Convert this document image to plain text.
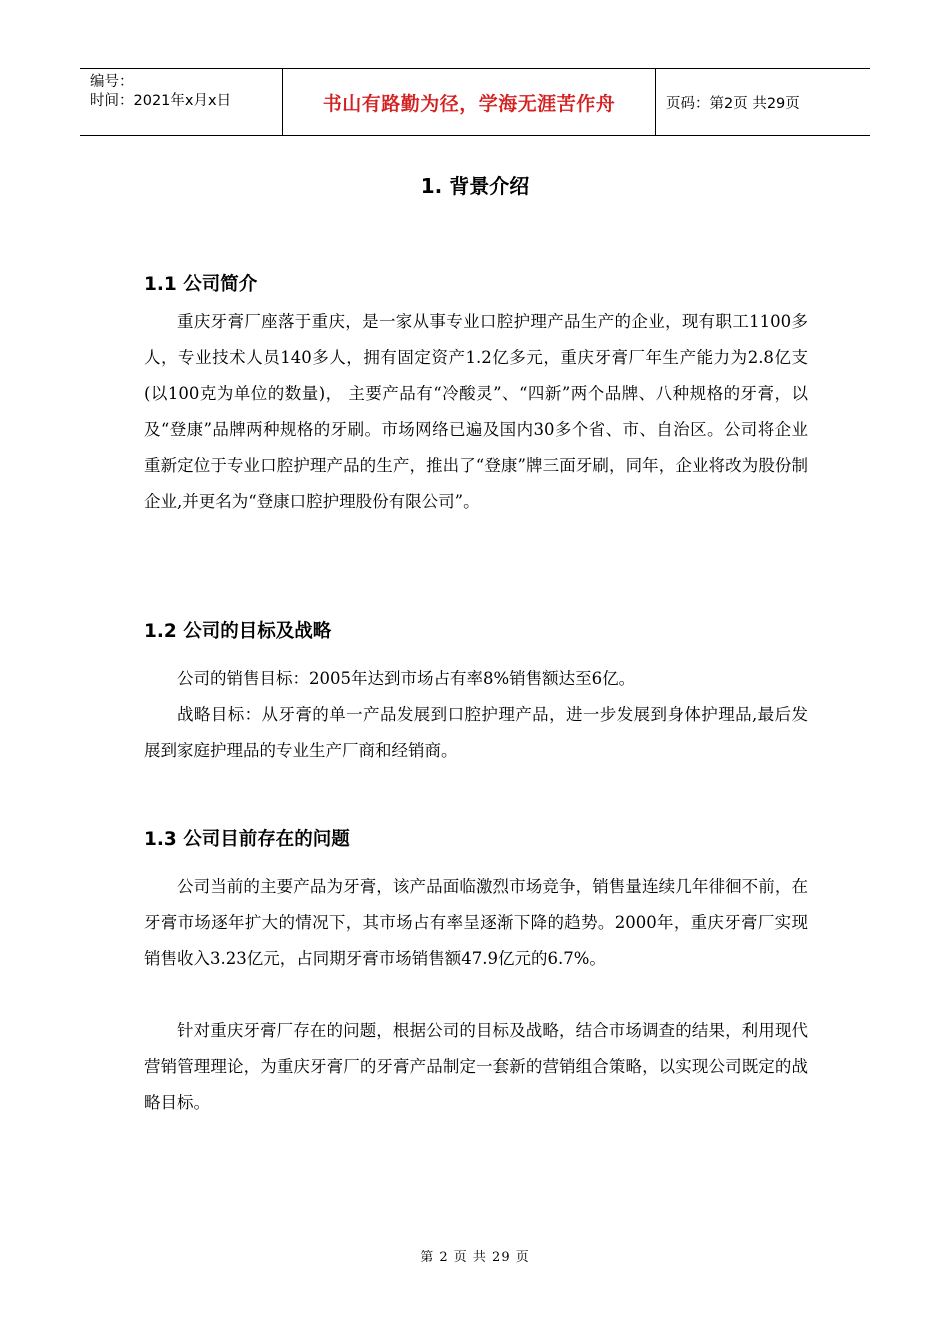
编号：
时间：2021年x月x日	书山有路勤为径，学海无涯苦作舟	页码：第2页 共29页
1. 背景介绍
1.1 公司简介

重庆牙膏厂座落于重庆，是一家从事专业口腔护理产品生产的企业，现有职工1100多人，专业技术人员140多人，拥有固定资产1.2亿多元，重庆牙膏厂年生产能力为2.8亿支(以100克为单位的数量)， 主要产品有“冷酸灵”、“四新”两个品牌、八种规格的牙膏，以及“登康”品牌两种规格的牙刷。市场网络已遍及国内30多个省、市、自治区。公司将企业重新定位于专业口腔护理产品的生产，推出了“登康”牌三面牙刷，同年，企业将改为股份制企业,并更名为“登康口腔护理股份有限公司”。

1.2 公司的目标及战略

公司的销售目标：2005年达到市场占有率8%销售额达至6亿。

战略目标：从牙膏的单一产品发展到口腔护理产品，进一步发展到身体护理品,最后发展到家庭护理品的专业生产厂商和经销商。

1.3 公司目前存在的问题

公司当前的主要产品为牙膏，该产品面临激烈市场竞争，销售量连续几年徘徊不前，在牙膏市场逐年扩大的情况下，其市场占有率呈逐渐下降的趋势。2000年，重庆牙膏厂实现销售收入3.23亿元，占同期牙膏市场销售额47.9亿元的6.7%。

针对重庆牙膏厂存在的问题，根据公司的目标及战略，结合市场调查的结果，利用现代营销管理理论，为重庆牙膏厂的牙膏产品制定一套新的营销组合策略，以实现公司既定的战略目标。

第 2 页 共 29 页
